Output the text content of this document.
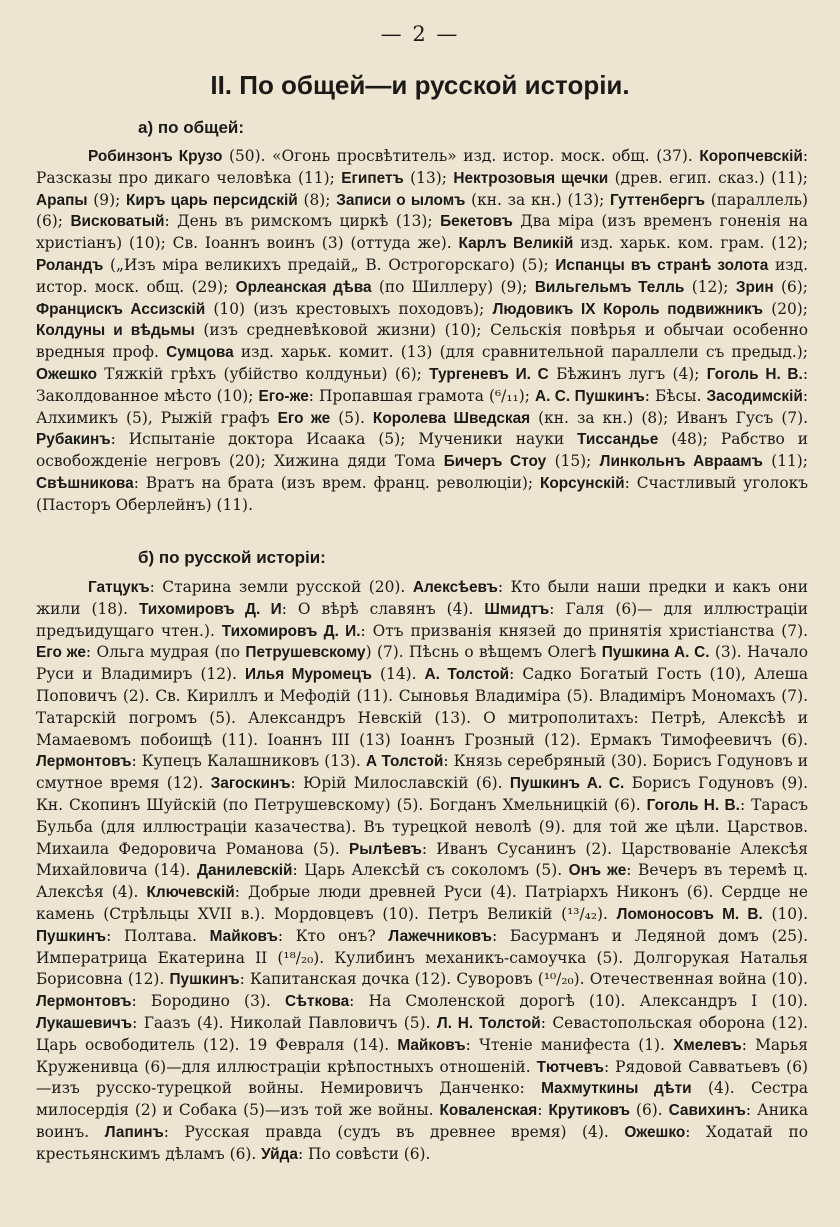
— 2 —
II. По общей—и русской исторіи.
а) по общей:
Робинзонъ Крузо (50). «Огонь просвѣтитель» изд. истор. моск. общ. (37). Коропчевскій: Разсказы про дикаго человѣка (11); Египетъ (13); Нектрозовыя щечки (древ. егип. сказ.) (11); Арапы (9); Киръ царь персидскій (8); Записи о ыломъ (кн. за кн.) (13); Гуттенбергъ (параллель) (6); Висковатый: День въ римскомъ циркѣ (13); Бекетовъ Два міра (изъ временъ гоненія на христіанъ) (10); Св. Іоаннъ воинъ (3) (оттуда же). Карлъ Великій изд. харьк. ком. грам. (12); Роландъ („Изъ міра великихъ предаій„ В. Острогорскаго) (5); Испанцы въ странѣ золота изд. истор. моск. общ. (29); Орлеанская дѣва (по Шиллеру) (9); Вильгельмъ Телль (12); Зрин (6); Францискъ Ассизскій (10) (изъ крестовыхъ походовъ); Людовикъ IX Король подвижникъ (20); Колдуны и вѣдьмы (изъ средневѣковой жизни) (10); Сельскія повѣрья и обычаи особенно вредныя проф. Сумцова изд. харьк. комит. (13) (для сравнительной параллели съ предыд.); Ожешко Тяжкій грѣхъ (убійство колдуньи) (6); Тургеневъ И. С Бѣжинъ лугъ (4); Гоголь Н. В.: Заколдованное мѣсто (10); Его-же: Пропавшая грамота (⁶/₁₁); А. С. Пушкинъ: Бѣсы. Засодимскій: Алхимикъ (5), Рыжій графъ Его же (5). Королева Шведская (кн. за кн.) (8); Иванъ Гусъ (7). Рубакинъ: Испытаніе доктора Исаака (5); Мученики науки Тиссандье (48); Рабство и освобожденіе негровъ (20); Хижина дяди Тома Бичеръ Стоу (15); Линкольнъ Авраамъ (11); Свѣшникова: Вратъ на брата (изъ врем. франц. революціи); Корсунскій: Счастливый уголокъ (Пасторъ Оберлейнъ) (11).
б) по русской исторіи:
Гатцукъ: Старина земли русской (20). Алексѣевъ: Кто были наши предки и какъ они жили (18). Тихомировъ Д. И: О вѣрѣ славянъ (4). Шмидтъ: Галя (6)— для иллюстраціи предъидущаго чтен.). Тихомировъ Д. И.: Отъ призванія князей до принятія христіанства (7). Его же: Ольга мудрая (по Петрушевскому) (7). Пѣснь о вѣщемъ Олегѣ Пушкина А. С. (3). Начало Руси и Владимиръ (12). Илья Муромецъ (14). А. Толстой: Садко Богатый Гость (10), Алеша Поповичъ (2). Св. Кириллъ и Мефодій (11). Сыновья Владиміра (5). Владиміръ Мономахъ (7). Татарскій погромъ (5). Александръ Невскій (13). О митрополитахъ: Петрѣ, Алексѣѣ и Мамаевомъ побоищѣ (11). Іоаннъ III (13) Іоаннъ Грозный (12). Ермакъ Тимофеевичъ (6). Лермонтовъ: Купецъ Калашниковъ (13). А Толстой: Князь серебряный (30). Борисъ Годуновъ и смутное время (12). Загоскинъ: Юрій Милославскій (6). Пушкинъ А. С. Борисъ Годуновъ (9). Кн. Скопинъ Шуйскій (по Петрушевскому) (5). Богданъ Хмельницкій (6). Гоголь Н. В.: Тарасъ Бульба (для иллюстраціи казачества). Въ турецкой неволѣ (9). для той же цѣли. Царствов. Михаила Федоровича Романова (5). Рылѣевъ: Иванъ Сусанинъ (2). Царствованіе Алексѣя Михайловича (14). Данилевскій: Царь Алексѣй съ соколомъ (5). Онъ же: Вечеръ въ теремѣ ц. Алексѣя (4). Ключевскій: Добрые люди древней Руси (4). Патріархъ Никонъ (6). Сердце не камень (Стрѣльцы XVII в.). Мордовцевъ (10). Петръ Великій (¹³/₄₂). Ломоносовъ М. В. (10). Пушкинъ: Полтава. Майковъ: Кто онъ? Лажечниковъ: Басурманъ и Ледяной домъ (25). Императрица Екатерина II (¹⁸/₂₀). Кулибинъ механикъ-самоучка (5). Долгорукая Наталья Борисовна (12). Пушкинъ: Капитанская дочка (12). Суворовъ (¹⁰/₂₀). Отечественная война (10). Лермонтовъ: Бородино (3). Сѣткова: На Смоленской дорогѣ (10). Александръ I (10). Лукашевичъ: Гаазъ (4). Николай Павловичъ (5). Л. Н. Толстой: Севастопольская оборона (12). Царь освободитель (12). 19 Февраля (14). Майковъ: Чтеніе манифеста (1). Хмелевъ: Марья Круженивца (6)—для иллюстраціи крѣпостныхъ отношеній. Тютчевъ: Рядовой Савватьевъ (6)—изъ русско-турецкой войны. Немировичъ Данченко: Махмуткины дѣти (4). Сестра милосердія (2) и Собака (5)—изъ той же войны. Коваленская: Крутиковъ (6). Савихинъ: Аника воинъ. Лапинъ: Русская правда (судъ въ древнее время) (4). Ожешко: Ходатай по крестьянскимъ дѣламъ (6). Уйда: По совѣсти (6).
